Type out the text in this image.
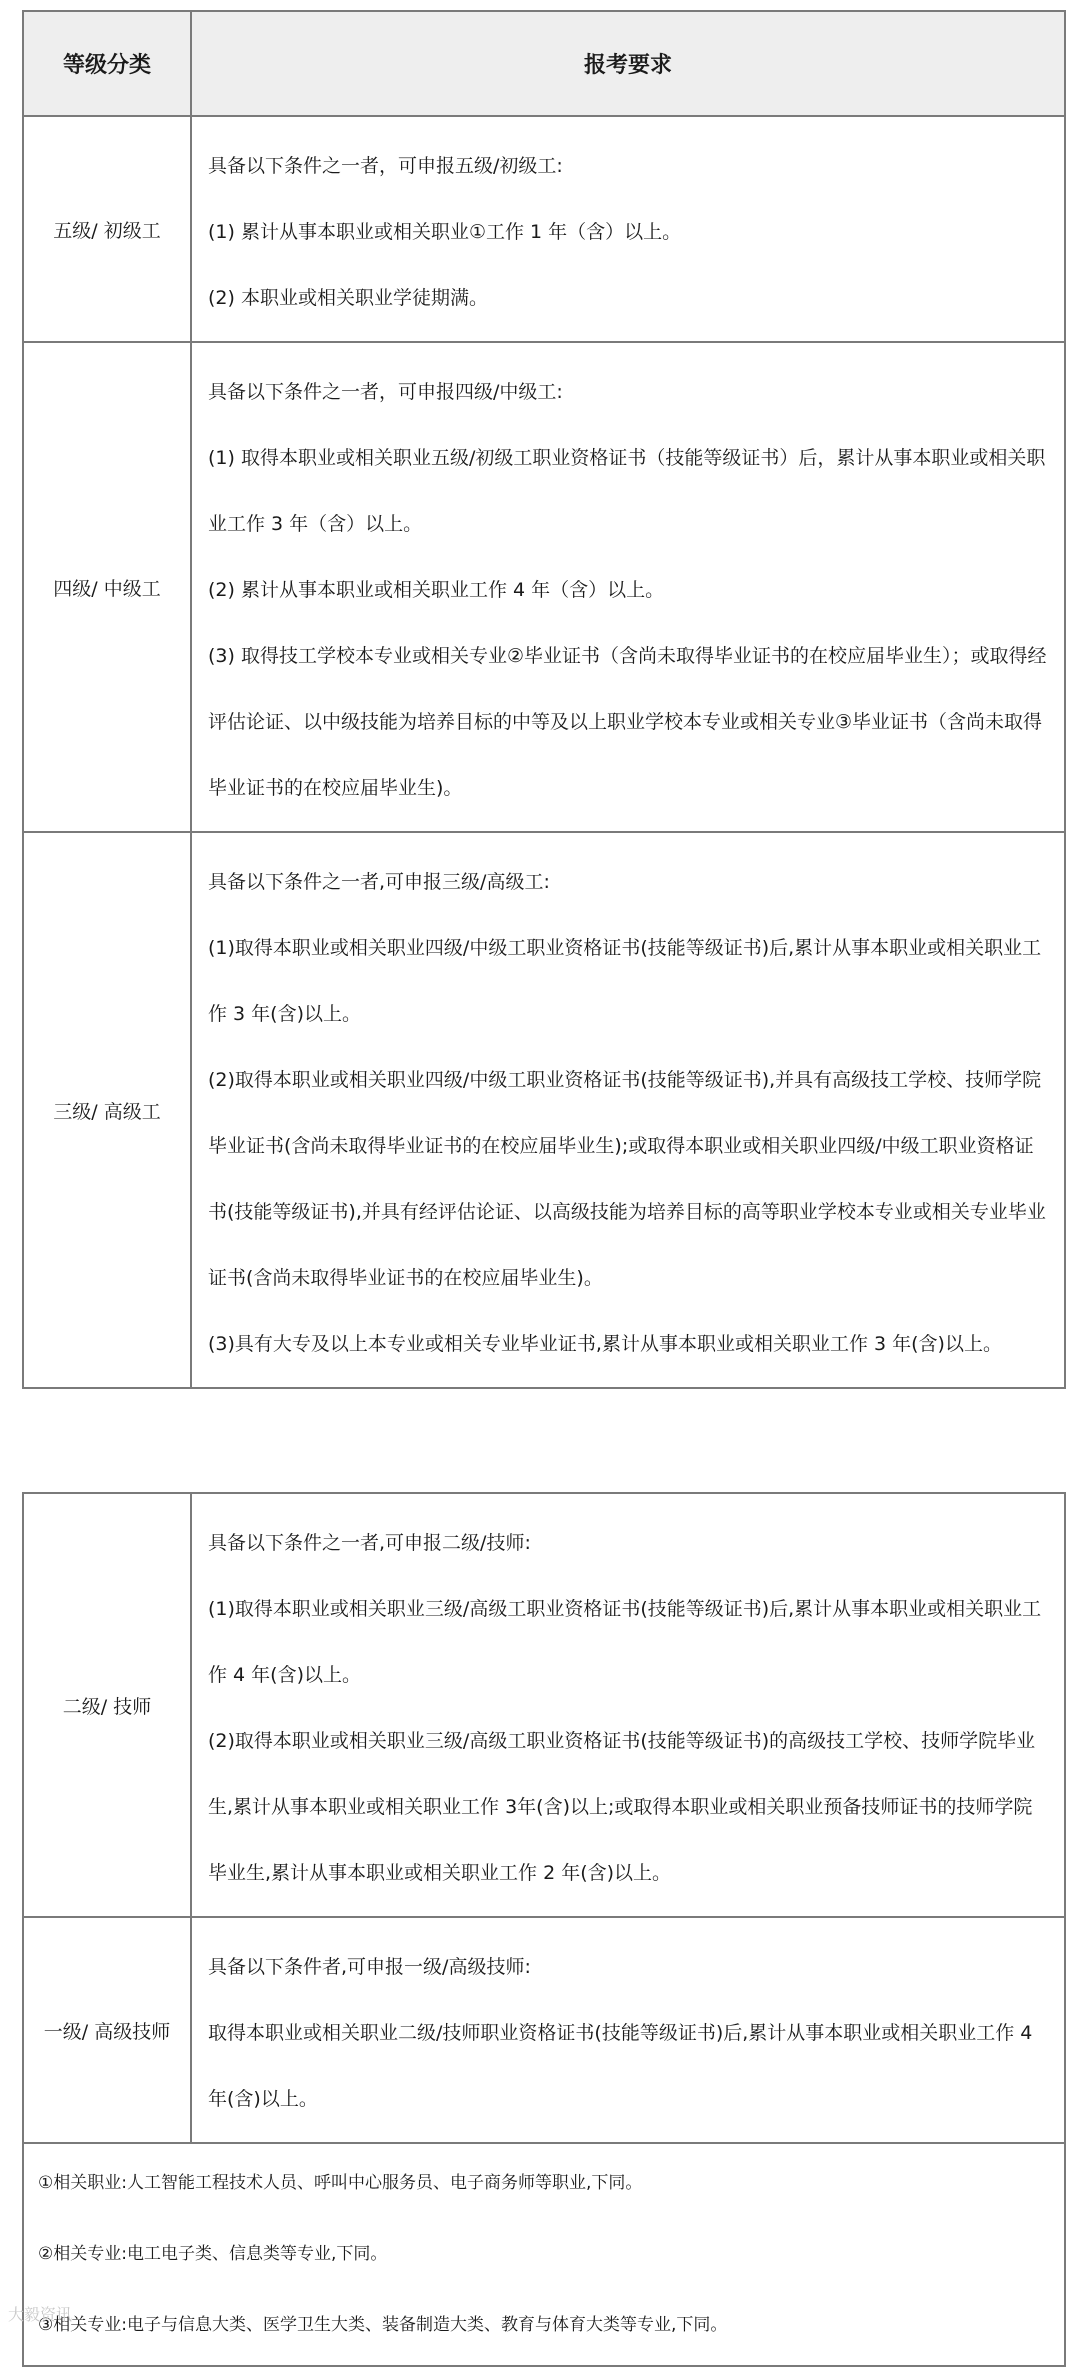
等级分类	报考要求
五级/ 初级工	具备以下条件之一者，可申报五级/初级工:

(1) 累计从事本职业或相关职业①工作 1 年（含）以上。

(2) 本职业或相关职业学徒期满。

四级/ 中级工	具备以下条件之一者，可申报四级/中级工:

(1) 取得本职业或相关职业五级/初级工职业资格证书（技能等级证书）后，累计从事本职业或相关职业工作 3 年（含）以上。

(2) 累计从事本职业或相关职业工作 4 年（含）以上。

(3) 取得技工学校本专业或相关专业②毕业证书（含尚未取得毕业证书的在校应届毕业生）；或取得经评估论证、以中级技能为培养目标的中等及以上职业学校本专业或相关专业③毕业证书（含尚未取得毕业证书的在校应届毕业生)。

三级/ 高级工	具备以下条件之一者,可申报三级/高级工:

(1)取得本职业或相关职业四级/中级工职业资格证书(技能等级证书)后,累计从事本职业或相关职业工作 3 年(含)以上。

(2)取得本职业或相关职业四级/中级工职业资格证书(技能等级证书),并具有高级技工学校、技师学院毕业证书(含尚未取得毕业证书的在校应届毕业生);或取得本职业或相关职业四级/中级工职业资格证书(技能等级证书),并具有经评估论证、以高级技能为培养目标的高等职业学校本专业或相关专业毕业证书(含尚未取得毕业证书的在校应届毕业生)。

(3)具有大专及以上本专业或相关专业毕业证书,累计从事本职业或相关职业工作 3 年(含)以上。

二级/ 技师	具备以下条件之一者,可申报二级/技师:

(1)取得本职业或相关职业三级/高级工职业资格证书(技能等级证书)后,累计从事本职业或相关职业工作 4 年(含)以上。

(2)取得本职业或相关职业三级/高级工职业资格证书(技能等级证书)的高级技工学校、技师学院毕业生,累计从事本职业或相关职业工作 3年(含)以上;或取得本职业或相关职业预备技师证书的技师学院毕业生,累计从事本职业或相关职业工作 2 年(含)以上。

一级/ 高级技师	具备以下条件者,可申报一级/高级技师:

取得本职业或相关职业二级/技师职业资格证书(技能等级证书)后,累计从事本职业或相关职业工作 4 年(含)以上。

①相关职业:人工智能工程技术人员、呼叫中心服务员、电子商务师等职业,下同。

②相关专业:电工电子类、信息类等专业,下同。

③相关专业:电子与信息大类、医学卫生大类、装备制造大类、教育与体育大类等专业,下同。	

大毅资讯
